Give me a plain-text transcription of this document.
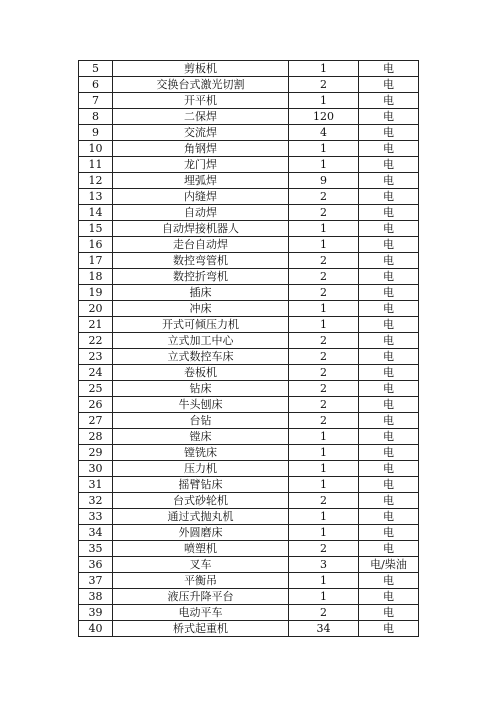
5	剪板机	1	电
6	交换台式激光切割	2	电
7	开平机	1	电
8	二保焊	120	电
9	交流焊	4	电
10	角钢焊	1	电
11	龙门焊	1	电
12	埋弧焊	9	电
13	内缝焊	2	电
14	自动焊	2	电
15	自动焊接机器人	1	电
16	走台自动焊	1	电
17	数控弯管机	2	电
18	数控折弯机	2	电
19	插床	2	电
20	冲床	1	电
21	开式可倾压力机	1	电
22	立式加工中心	2	电
23	立式数控车床	2	电
24	卷板机	2	电
25	钻床	2	电
26	牛头刨床	2	电
27	台钻	2	电
28	镗床	1	电
29	镗铣床	1	电
30	压力机	1	电
31	摇臂钻床	1	电
32	台式砂轮机	2	电
33	通过式抛丸机	1	电
34	外圆磨床	1	电
35	喷塑机	2	电
36	叉车	3	电/柴油
37	平衡吊	1	电
38	液压升降平台	1	电
39	电动平车	2	电
40	桥式起重机	34	电
